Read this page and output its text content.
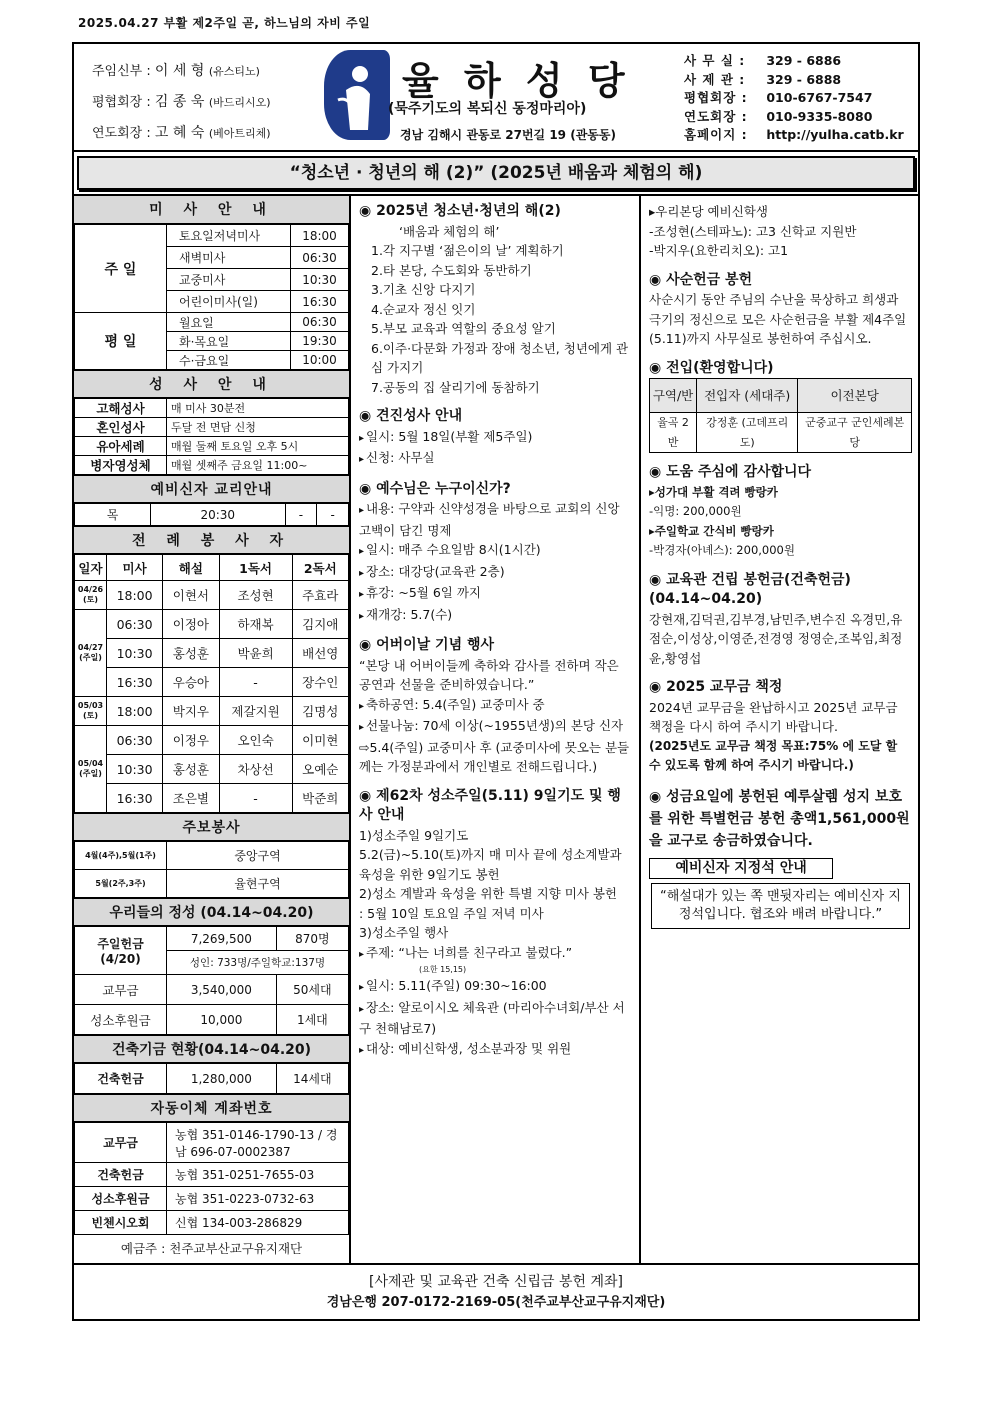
2025.04.27 부활 제2주일 곧, 하느님의 자비 주일
주임신부 : 이 세 형 (유스티노)
평협회장 : 김 종 욱 (바드리시오)
연도회장 : 고 혜 숙 (베아트리체)
율 하 성 당
(묵주기도의 복되신 동정마리아)
경남 김해시 관동로 27번길 19 (관동동)
사 무 실 : 329 - 6886
사 제 관 : 329 - 6888
평협회장 : 010-6767-7547
연도회장 : 010-9335-8080
홈페이지 : http://yulha.catb.kr
“청소년 · 청년의 해 (2)” (2025년 배움과 체험의 해)
미 사 안 내
주 일	토요일저녁미사	18:00
	새벽미사	06:30
	교중미사	10:30
	어린이미사(일)	16:30
평 일	월요일	06:30
	화·목요일	19:30
	수·금요일	10:00
성 사 안 내
고해성사	매 미사 30분전
혼인성사	두달 전 면담 신청
유아세례	매월 둘째 토요일 오후 5시
병자영성체	매월 셋째주 금요일 11:00~
예비신자 교리안내
목	20:30	-	-
전 례 봉 사 자
일자	미사	해설	1독서	2독서
04/26 (토)	18:00	이현서	조성현	주효라
04/27 (주일)	06:30	이정아	하재복	김지애
	10:30	홍성훈	박윤희	배선영
	16:30	우승아	-	장수인
05/03 (토)	18:00	박지우	제갈지원	김명성
05/04 (주일)	06:30	이정우	오인숙	이미현
	10:30	홍성훈	차상선	오예순
	16:30	조은별	-	박준희
주보봉사
4월(4주),5월(1주)	중앙구역
5월(2주,3주)	율현구역
우리들의 정성 (04.14~04.20)
주일헌금 (4/20)	7,269,500	870명
	성인: 733명/주일학교:137명	
교무금	3,540,000	50세대
성소후원금	10,000	1세대
건축기금 현황(04.14~04.20)
건축헌금	1,280,000	14세대
자동이체 계좌번호
교무금	농협 351-0146-1790-13 / 경남 696-07-0002387
건축헌금	농협 351-0251-7655-03
성소후원금	농협 351-0223-0732-63
빈첸시오회	신협 134-003-286829
예금주 : 천주교부산교구유지재단
◉ 2025년 청소년·청년의 해(2)
‘배움과 체험의 해’
1.각 지구별 ‘젊은이의 날’ 계획하기
2.타 본당, 수도회와 동반하기
3.기초 신앙 다지기
4.순교자 정신 잇기
5.부모 교육과 역할의 중요성 알기
6.이주·다문화 가정과 장애 청소년, 청년에게 관심 가지기
7.공동의 집 살리기에 동참하기
◉ 견진성사 안내
▸ 일시: 5월 18일(부활 제5주일)
▸ 신청: 사무실
◉ 예수님은 누구이신가?
▸ 내용: 구약과 신약성경을 바탕으로 교회의 신앙고백이 담긴 명제
▸ 일시: 매주 수요일밤 8시(1시간)
▸ 장소: 대강당(교육관 2층)
▸ 휴강: ~5월 6일 까지
▸ 재개강: 5.7(수)
◉ 어버이날 기념 행사
“본당 내 어버이들께 축하와 감사를 전하며 작은 공연과 선물을 준비하였습니다.”
▸ 축하공연: 5.4(주일) 교중미사 중
▸ 선물나눔: 70세 이상(~1955년생)의 본당 신자
⇨5.4(주일) 교중미사 후 (교중미사에 못오는 분들께는 가정분과에서 개인별로 전해드립니다.)
◉ 제62차 성소주일(5.11) 9일기도 및 행사 안내
1)성소주일 9일기도
5.2(금)~5.10(토)까지 매 미사 끝에 성소계발과 육성을 위한 9일기도 봉헌
2)성소 계발과 육성을 위한 특별 지향 미사 봉헌
: 5월 10일 토요일 주일 저녁 미사
3)성소주일 행사
▸ 주제: “나는 너희를 친구라고 불렀다.”
(요한 15,15)
▸ 일시: 5.11(주일) 09:30~16:00
▸ 장소: 알로이시오 체육관 (마리아수녀회/부산 서구 천해남로7)
▸ 대상: 예비신학생, 성소분과장 및 위원
▸우리본당 예비신학생
-조성현(스테파노): 고3 신학교 지원반
-박지우(요한리치오): 고1
◉ 사순헌금 봉헌
사순시기 동안 주님의 수난을 묵상하고 희생과 극기의 정신으로 모은 사순헌금을 부활 제4주일(5.11)까지 사무실로 봉헌하여 주십시오.
◉ 전입(환영합니다)
구역/반	전입자 (세대주)	이전본당
율곡 2반	강정훈 (고데프리도)	군중교구 군인세례본당
◉ 도움 주심에 감사합니다
▸성가대 부활 격려 빵랑카
-익명: 200,000원
▸주일학교 간식비 빵랑카
-박경자(아녜스): 200,000원
◉ 교육관 건립 봉헌금(건축헌금) (04.14~04.20)
강현재,김덕권,김부경,남민주,변수진 옥경민,유점순,이성상,이영준,전경영 정영순,조복임,최정윤,황영섭
◉ 2025 교무금 책정
2024년 교무금을 완납하시고 2025년 교무금 책정을 다시 하여 주시기 바랍니다.
(2025년도 교무금 책정 목표:75% 에 도달 할 수 있도록 함께 하여 주시기 바랍니다.)
◉ 성금요일에 봉헌된 예루살렘 성지 보호를 위한 특별헌금 봉헌 총액1,561,000원을 교구로 송금하였습니다.
예비신자 지정석 안내
“해설대가 있는 쪽 맨뒷자리는 예비신자 지정석입니다. 협조와 배려 바랍니다.”
[사제관 및 교육관 건축 신립금 봉헌 계좌]
경남은행 207-0172-2169-05(천주교부산교구유지재단)
